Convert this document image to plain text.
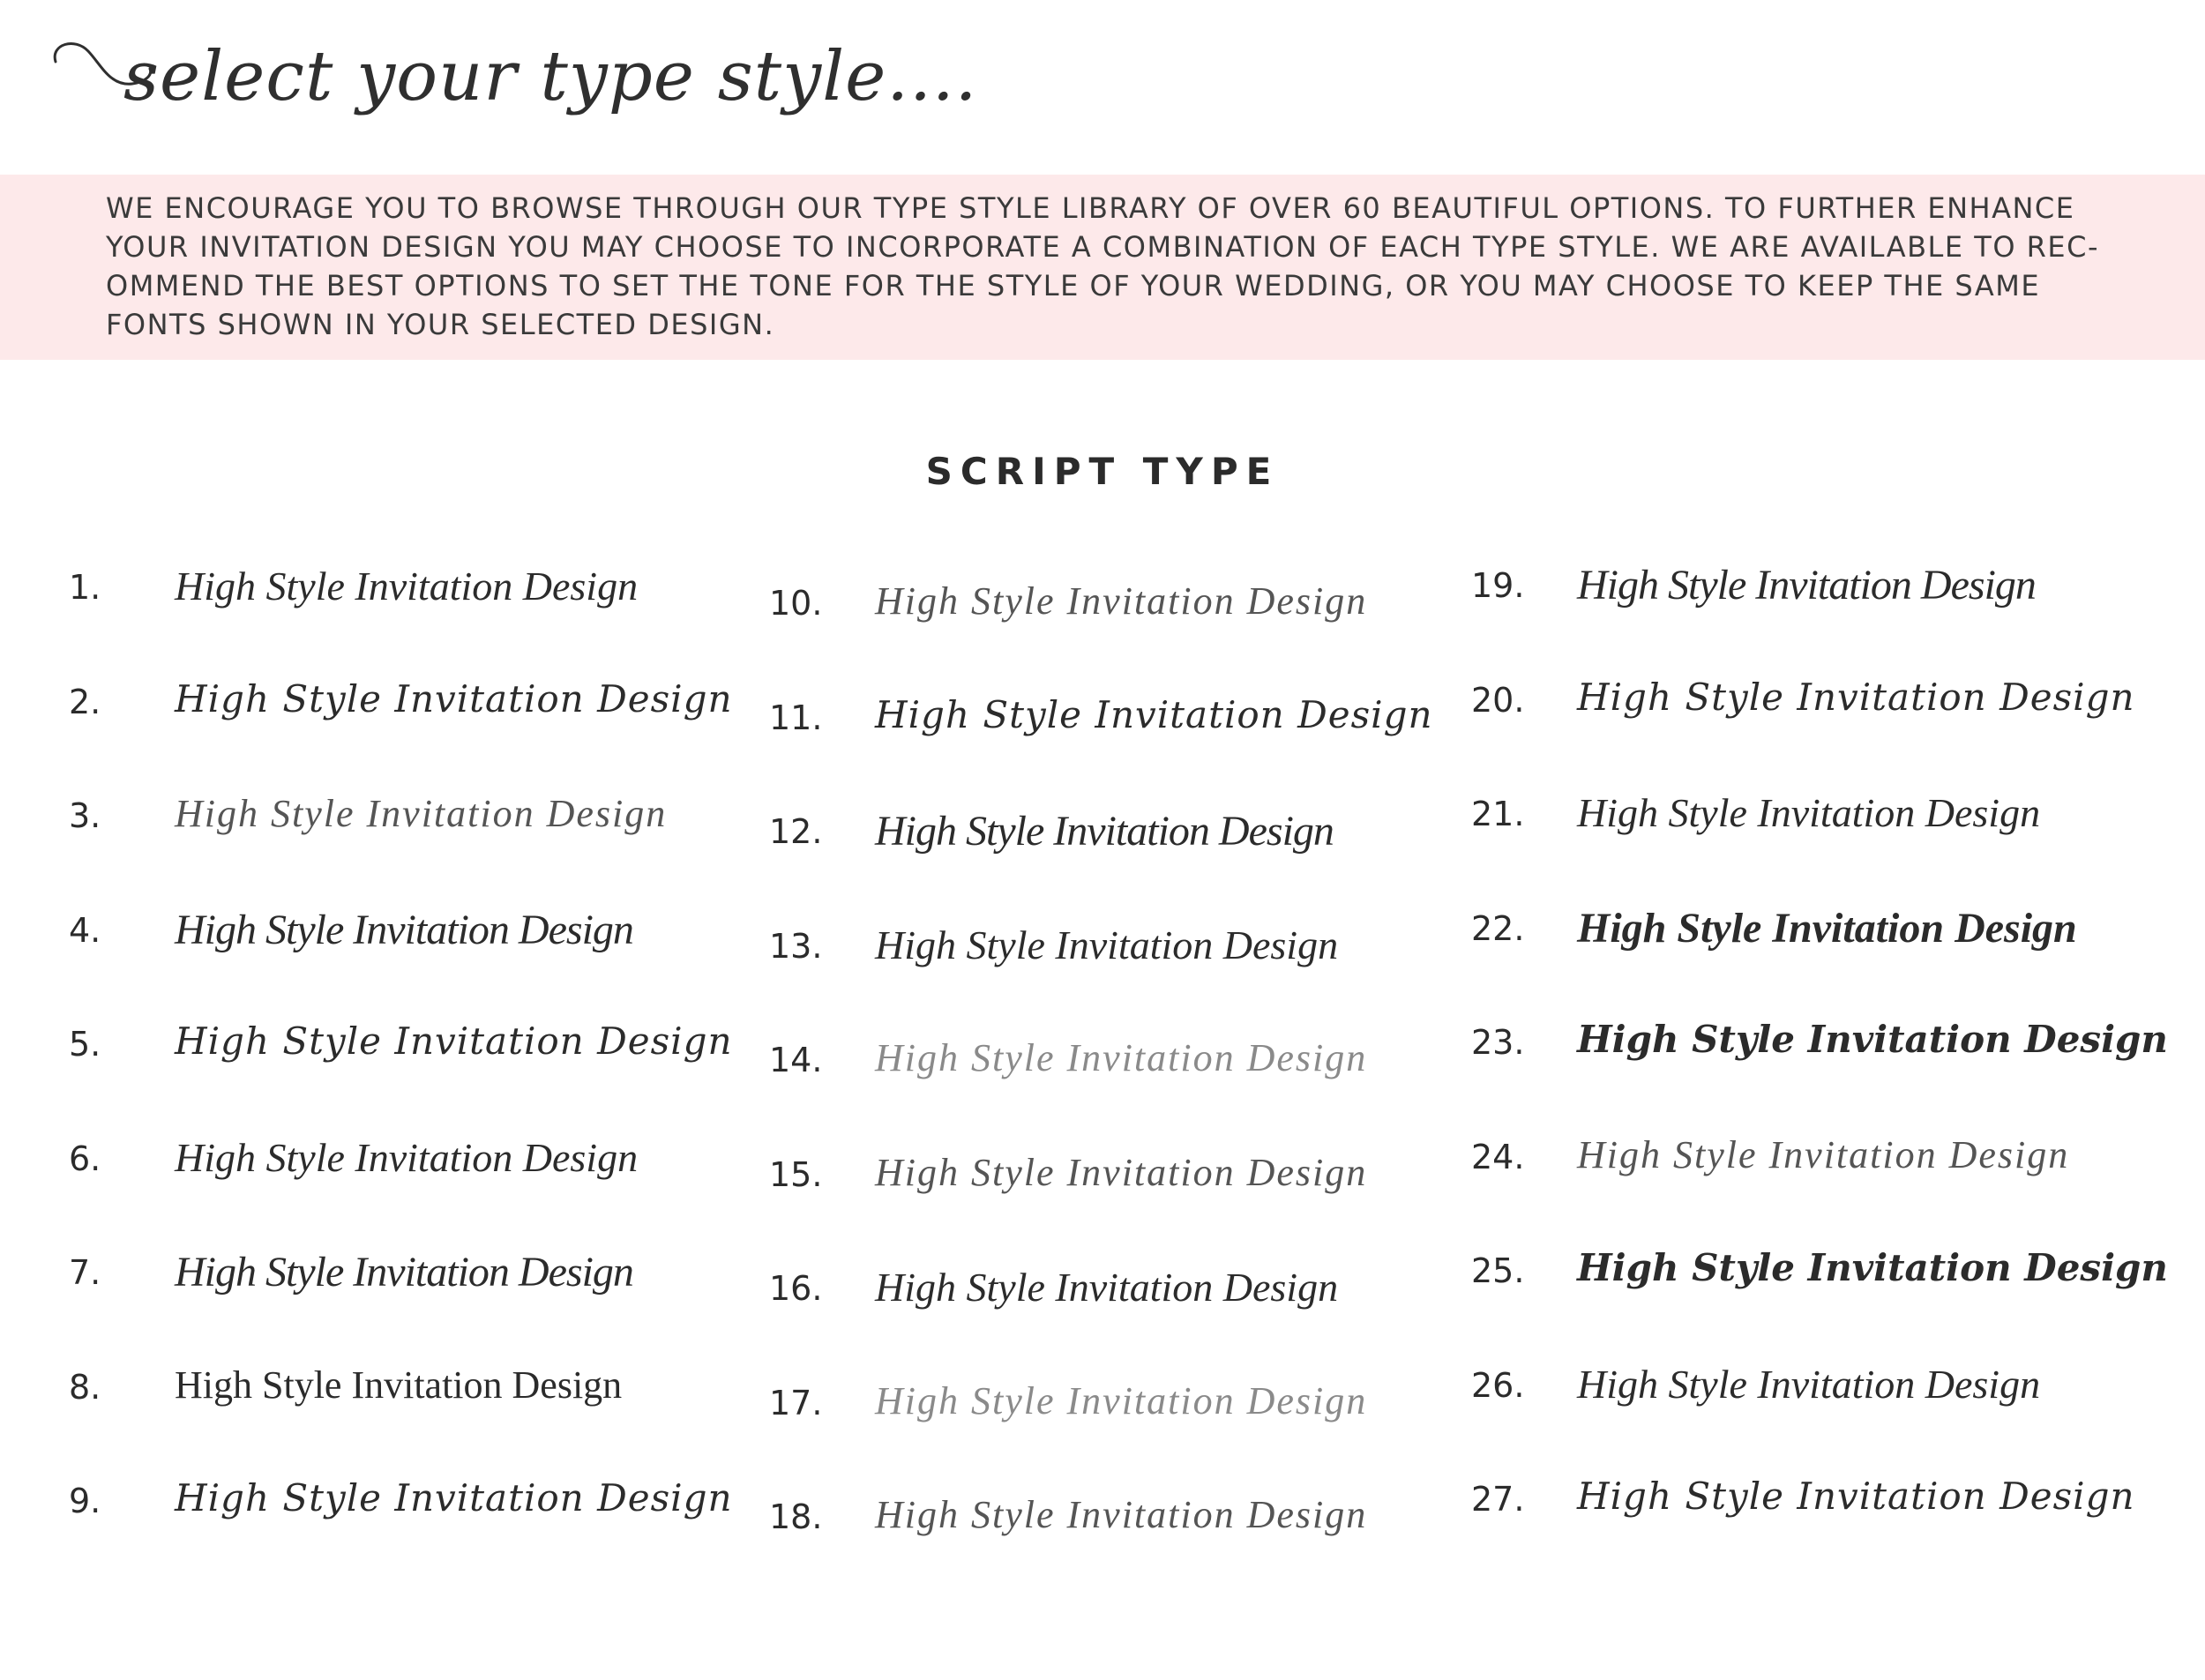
select your type style....

WE ENCOURAGE YOU TO BROWSE THROUGH OUR TYPE STYLE LIBRARY OF OVER 60 BEAUTIFUL OPTIONS. TO FURTHER ENHANCE YOUR INVITATION DESIGN YOU MAY CHOOSE TO INCORPORATE A COMBINATION OF EACH TYPE STYLE. WE ARE AVAILABLE TO REC-OMMEND THE BEST OPTIONS TO SET THE TONE FOR THE STYLE OF YOUR WEDDING, OR YOU MAY CHOOSE TO KEEP THE SAME FONTS SHOWN IN YOUR SELECTED DESIGN.

SCRIPT TYPE
1. High Style Invitation Design
2. High Style Invitation Design
3. High Style Invitation Design
4. High Style Invitation Design
5. High Style Invitation Design
6. High Style Invitation Design
7. High Style Invitation Design
8. High Style Invitation Design
9. High Style Invitation Design
10. High Style Invitation Design
11. High Style Invitation Design
12. High Style Invitation Design
13. High Style Invitation Design
14. High Style Invitation Design
15. High Style Invitation Design
16. High Style Invitation Design
17. High Style Invitation Design
18. High Style Invitation Design
19. High Style Invitation Design
20. High Style Invitation Design
21. High Style Invitation Design
22. High Style Invitation Design
23. High Style Invitation Design
24. High Style Invitation Design
25. High Style Invitation Design
26. High Style Invitation Design
27. High Style Invitation Design
